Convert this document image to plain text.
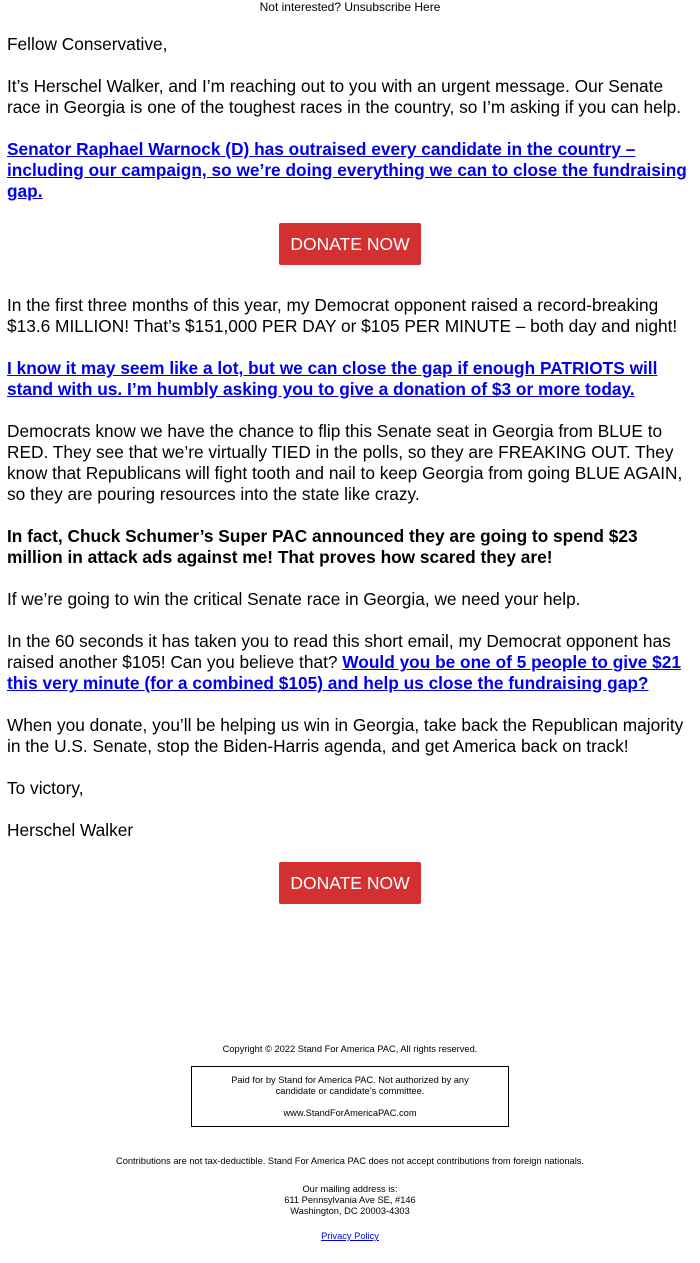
Not interested? Unsubscribe Here

Fellow Conservative,

It’s Herschel Walker, and I’m reaching out to you with an urgent message. Our Senate race in Georgia is one of the toughest races in the country, so I’m asking if you can help.

Senator Raphael Warnock (D) has outraised every candidate in the country – including our campaign, so we’re doing everything we can to close the fundraising gap.

DONATE NOW

In the first three months of this year, my Democrat opponent raised a record-breaking $13.6 MILLION! That’s $151,000 PER DAY or $105 PER MINUTE – both day and night!

I know it may seem like a lot, but we can close the gap if enough PATRIOTS will stand with us. I’m humbly asking you to give a donation of $3 or more today.

Democrats know we have the chance to flip this Senate seat in Georgia from BLUE to RED. They see that we’re virtually TIED in the polls, so they are FREAKING OUT. They know that Republicans will fight tooth and nail to keep Georgia from going BLUE AGAIN, so they are pouring resources into the state like crazy.

In fact, Chuck Schumer’s Super PAC announced they are going to spend $23 million in attack ads against me! That proves how scared they are!

If we’re going to win the critical Senate race in Georgia, we need your help.

In the 60 seconds it has taken you to read this short email, my Democrat opponent has raised another $105! Can you believe that? Would you be one of 5 people to give $21 this very minute (for a combined $105) and help us close the fundraising gap?

When you donate, you’ll be helping us win in Georgia, take back the Republican majority in the U.S. Senate, stop the Biden-Harris agenda, and get America back on track!

To victory,

Herschel Walker

DONATE NOW
Copyright © 2022 Stand For America PAC, All rights reserved.
Paid for by Stand for America PAC. Not authorized by any candidate or candidate’s committee.
www.StandForAmericaPAC.com
Contributions are not tax-deductible. Stand For America PAC does not accept contributions from foreign nationals.
Our mailing address is:
611 Pennsylvania Ave SE, #146
Washington, DC 20003-4303
Privacy Policy
